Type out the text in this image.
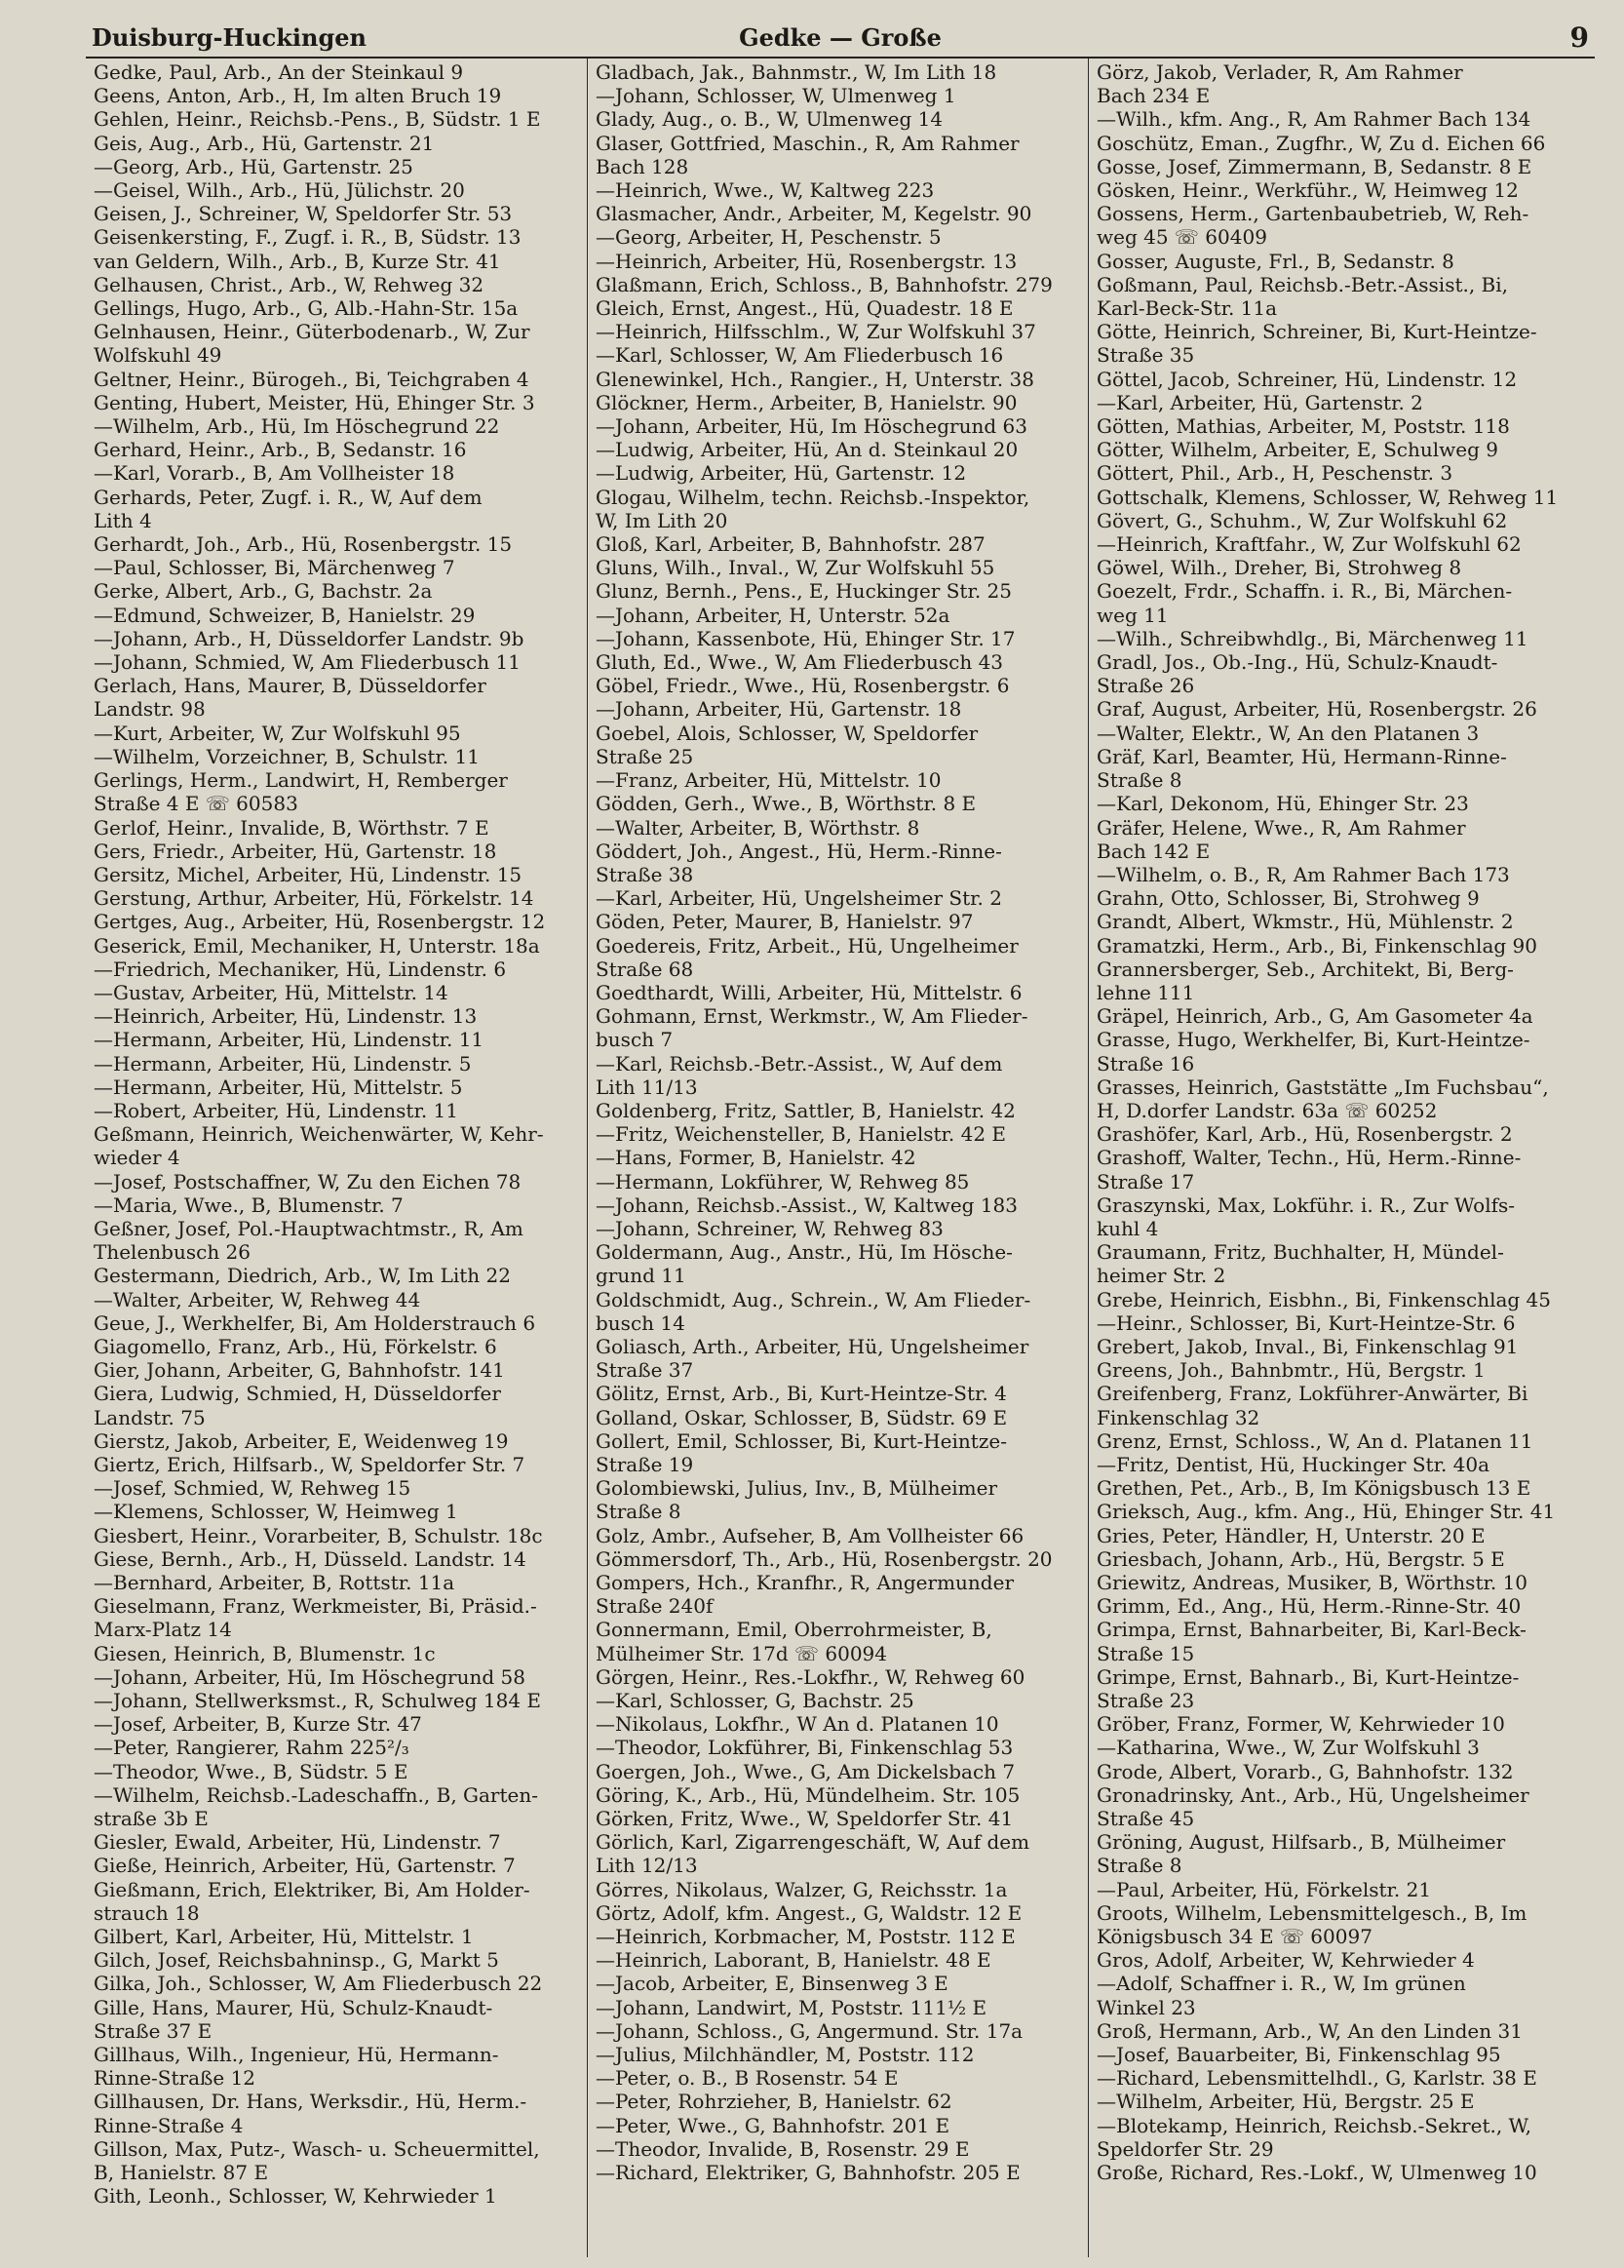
Duisburg-Huckingen	Gedke — Große	9
Gedke, Paul, Arb., An der Steinkaul 9
Geens, Anton, Arb., H, Im alten Bruch 19
Gehlen, Heinr., Reichsb.-Pens., B, Südstr. 1 E
Geis, Aug., Arb., Hü, Gartenstr. 21
—Georg, Arb., Hü, Gartenstr. 25
—Geisel, Wilh., Arb., Hü, Jülichstr. 20
Geisen, J., Schreiner, W, Speldorfer Str. 53
Geisenkersting, F., Zugf. i. R., B, Südstr. 13
van Geldern, Wilh., Arb., B, Kurze Str. 41
Gelhausen, Christ., Arb., W, Rehweg 32
Gellings, Hugo, Arb., G, Alb.-Hahn-Str. 15a
Gelnhausen, Heinr., Güterbodenarb., W, Zur
Wolfskuhl 49
Geltner, Heinr., Bürogeh., Bi, Teichgraben 4
Genting, Hubert, Meister, Hü, Ehinger Str. 3
—Wilhelm, Arb., Hü, Im Höschegrund 22
Gerhard, Heinr., Arb., B, Sedanstr. 16
—Karl, Vorarb., B, Am Vollheister 18
Gerhards, Peter, Zugf. i. R., W, Auf dem
Lith 4
Gerhardt, Joh., Arb., Hü, Rosenbergstr. 15
—Paul, Schlosser, Bi, Märchenweg 7
Gerke, Albert, Arb., G, Bachstr. 2a
—Edmund, Schweizer, B, Hanielstr. 29
—Johann, Arb., H, Düsseldorfer Landstr. 9b
—Johann, Schmied, W, Am Fliederbusch 11
Gerlach, Hans, Maurer, B, Düsseldorfer
Landstr. 98
—Kurt, Arbeiter, W, Zur Wolfskuhl 95
—Wilhelm, Vorzeichner, B, Schulstr. 11
Gerlings, Herm., Landwirt, H, Remberger
Straße 4 E ☏ 60583
Gerlof, Heinr., Invalide, B, Wörthstr. 7 E
Gers, Friedr., Arbeiter, Hü, Gartenstr. 18
Gersitz, Michel, Arbeiter, Hü, Lindenstr. 15
Gerstung, Arthur, Arbeiter, Hü, Förkelstr. 14
Gertges, Aug., Arbeiter, Hü, Rosenbergstr. 12
Geserick, Emil, Mechaniker, H, Unterstr. 18a
—Friedrich, Mechaniker, Hü, Lindenstr. 6
—Gustav, Arbeiter, Hü, Mittelstr. 14
—Heinrich, Arbeiter, Hü, Lindenstr. 13
—Hermann, Arbeiter, Hü, Lindenstr. 11
—Hermann, Arbeiter, Hü, Lindenstr. 5
—Hermann, Arbeiter, Hü, Mittelstr. 5
—Robert, Arbeiter, Hü, Lindenstr. 11
Geßmann, Heinrich, Weichenwärter, W, Kehr-
wieder 4
—Josef, Postschaffner, W, Zu den Eichen 78
—Maria, Wwe., B, Blumenstr. 7
Geßner, Josef, Pol.-Hauptwachtmstr., R, Am
Thelenbusch 26
Gestermann, Diedrich, Arb., W, Im Lith 22
—Walter, Arbeiter, W, Rehweg 44
Geue, J., Werkhelfer, Bi, Am Holderstrauch 6
Giagomello, Franz, Arb., Hü, Förkelstr. 6
Gier, Johann, Arbeiter, G, Bahnhofstr. 141
Giera, Ludwig, Schmied, H, Düsseldorfer
Landstr. 75
Gierstz, Jakob, Arbeiter, E, Weidenweg 19
Giertz, Erich, Hilfsarb., W, Speldorfer Str. 7
—Josef, Schmied, W, Rehweg 15
—Klemens, Schlosser, W, Heimweg 1
Giesbert, Heinr., Vorarbeiter, B, Schulstr. 18c
Giese, Bernh., Arb., H, Düsseld. Landstr. 14
—Bernhard, Arbeiter, B, Rottstr. 11a
Gieselmann, Franz, Werkmeister, Bi, Präsid.-
Marx-Platz 14
Giesen, Heinrich, B, Blumenstr. 1c
—Johann, Arbeiter, Hü, Im Höschegrund 58
—Johann, Stellwerksmst., R, Schulweg 184 E
—Josef, Arbeiter, B, Kurze Str. 47
—Peter, Rangierer, Rahm 225²/₃
—Theodor, Wwe., B, Südstr. 5 E
—Wilhelm, Reichsb.-Ladeschaffn., B, Garten-
straße 3b E
Giesler, Ewald, Arbeiter, Hü, Lindenstr. 7
Gieße, Heinrich, Arbeiter, Hü, Gartenstr. 7
Gießmann, Erich, Elektriker, Bi, Am Holder-
strauch 18
Gilbert, Karl, Arbeiter, Hü, Mittelstr. 1
Gilch, Josef, Reichsbahninsp., G, Markt 5
Gilka, Joh., Schlosser, W, Am Fliederbusch 22
Gille, Hans, Maurer, Hü, Schulz-Knaudt-
Straße 37 E
Gillhaus, Wilh., Ingenieur, Hü, Hermann-
Rinne-Straße 12
Gillhausen, Dr. Hans, Werksdir., Hü, Herm.-
Rinne-Straße 4
Gillson, Max, Putz-, Wasch- u. Scheuermittel,
B, Hanielstr. 87 E
Gith, Leonh., Schlosser, W, Kehrwieder 1
Gladbach, Jak., Bahnmstr., W, Im Lith 18
—Johann, Schlosser, W, Ulmenweg 1
Glady, Aug., o. B., W, Ulmenweg 14
Glaser, Gottfried, Maschin., R, Am Rahmer
Bach 128
—Heinrich, Wwe., W, Kaltweg 223
Glasmacher, Andr., Arbeiter, M, Kegelstr. 90
—Georg, Arbeiter, H, Peschenstr. 5
—Heinrich, Arbeiter, Hü, Rosenbergstr. 13
Glaßmann, Erich, Schloss., B, Bahnhofstr. 279
Gleich, Ernst, Angest., Hü, Quadestr. 18 E
—Heinrich, Hilfsschlm., W, Zur Wolfskuhl 37
—Karl, Schlosser, W, Am Fliederbusch 16
Glenewinkel, Hch., Rangier., H, Unterstr. 38
Glöckner, Herm., Arbeiter, B, Hanielstr. 90
—Johann, Arbeiter, Hü, Im Höschegrund 63
—Ludwig, Arbeiter, Hü, An d. Steinkaul 20
—Ludwig, Arbeiter, Hü, Gartenstr. 12
Glogau, Wilhelm, techn. Reichsb.-Inspektor,
W, Im Lith 20
Gloß, Karl, Arbeiter, B, Bahnhofstr. 287
Gluns, Wilh., Inval., W, Zur Wolfskuhl 55
Glunz, Bernh., Pens., E, Huckinger Str. 25
—Johann, Arbeiter, H, Unterstr. 52a
—Johann, Kassenbote, Hü, Ehinger Str. 17
Gluth, Ed., Wwe., W, Am Fliederbusch 43
Göbel, Friedr., Wwe., Hü, Rosenbergstr. 6
—Johann, Arbeiter, Hü, Gartenstr. 18
Goebel, Alois, Schlosser, W, Speldorfer
Straße 25
—Franz, Arbeiter, Hü, Mittelstr. 10
Gödden, Gerh., Wwe., B, Wörthstr. 8 E
—Walter, Arbeiter, B, Wörthstr. 8
Göddert, Joh., Angest., Hü, Herm.-Rinne-
Straße 38
—Karl, Arbeiter, Hü, Ungelsheimer Str. 2
Göden, Peter, Maurer, B, Hanielstr. 97
Goedereis, Fritz, Arbeit., Hü, Ungelheimer
Straße 68
Goedthardt, Willi, Arbeiter, Hü, Mittelstr. 6
Gohmann, Ernst, Werkmstr., W, Am Flieder-
busch 7
—Karl, Reichsb.-Betr.-Assist., W, Auf dem
Lith 11/13
Goldenberg, Fritz, Sattler, B, Hanielstr. 42
—Fritz, Weichensteller, B, Hanielstr. 42 E
—Hans, Former, B, Hanielstr. 42
—Hermann, Lokführer, W, Rehweg 85
—Johann, Reichsb.-Assist., W, Kaltweg 183
—Johann, Schreiner, W, Rehweg 83
Goldermann, Aug., Anstr., Hü, Im Hösche-
grund 11
Goldschmidt, Aug., Schrein., W, Am Flieder-
busch 14
Goliasch, Arth., Arbeiter, Hü, Ungelsheimer
Straße 37
Gölitz, Ernst, Arb., Bi, Kurt-Heintze-Str. 4
Golland, Oskar, Schlosser, B, Südstr. 69 E
Gollert, Emil, Schlosser, Bi, Kurt-Heintze-
Straße 19
Golombiewski, Julius, Inv., B, Mülheimer
Straße 8
Golz, Ambr., Aufseher, B, Am Vollheister 66
Gömmersdorf, Th., Arb., Hü, Rosenbergstr. 20
Gompers, Hch., Kranfhr., R, Angermunder
Straße 240f
Gonnermann, Emil, Oberrohrmeister, B,
Mülheimer Str. 17d ☏ 60094
Görgen, Heinr., Res.-Lokfhr., W, Rehweg 60
—Karl, Schlosser, G, Bachstr. 25
—Nikolaus, Lokfhr., W An d. Platanen 10
—Theodor, Lokführer, Bi, Finkenschlag 53
Goergen, Joh., Wwe., G, Am Dickelsbach 7
Göring, K., Arb., Hü, Mündelheim. Str. 105
Görken, Fritz, Wwe., W, Speldorfer Str. 41
Görlich, Karl, Zigarrengeschäft, W, Auf dem
Lith 12/13
Görres, Nikolaus, Walzer, G, Reichsstr. 1a
Görtz, Adolf, kfm. Angest., G, Waldstr. 12 E
—Heinrich, Korbmacher, M, Poststr. 112 E
—Heinrich, Laborant, B, Hanielstr. 48 E
—Jacob, Arbeiter, E, Binsenweg 3 E
—Johann, Landwirt, M, Poststr. 111½ E
—Johann, Schloss., G, Angermund. Str. 17a
—Julius, Milchhändler, M, Poststr. 112
—Peter, o. B., B Rosenstr. 54 E
—Peter, Rohrzieher, B, Hanielstr. 62
—Peter, Wwe., G, Bahnhofstr. 201 E
—Theodor, Invalide, B, Rosenstr. 29 E
—Richard, Elektriker, G, Bahnhofstr. 205 E
Görz, Jakob, Verlader, R, Am Rahmer
Bach 234 E
—Wilh., kfm. Ang., R, Am Rahmer Bach 134
Goschütz, Eman., Zugfhr., W, Zu d. Eichen 66
Gosse, Josef, Zimmermann, B, Sedanstr. 8 E
Gösken, Heinr., Werkführ., W, Heimweg 12
Gossens, Herm., Gartenbaubetrieb, W, Reh-
weg 45 ☏ 60409
Gosser, Auguste, Frl., B, Sedanstr. 8
Goßmann, Paul, Reichsb.-Betr.-Assist., Bi,
Karl-Beck-Str. 11a
Götte, Heinrich, Schreiner, Bi, Kurt-Heintze-
Straße 35
Göttel, Jacob, Schreiner, Hü, Lindenstr. 12
—Karl, Arbeiter, Hü, Gartenstr. 2
Götten, Mathias, Arbeiter, M, Poststr. 118
Götter, Wilhelm, Arbeiter, E, Schulweg 9
Göttert, Phil., Arb., H, Peschenstr. 3
Gottschalk, Klemens, Schlosser, W, Rehweg 11
Gövert, G., Schuhm., W, Zur Wolfskuhl 62
—Heinrich, Kraftfahr., W, Zur Wolfskuhl 62
Göwel, Wilh., Dreher, Bi, Strohweg 8
Goezelt, Frdr., Schaffn. i. R., Bi, Märchen-
weg 11
—Wilh., Schreibwhdlg., Bi, Märchenweg 11
Gradl, Jos., Ob.-Ing., Hü, Schulz-Knaudt-
Straße 26
Graf, August, Arbeiter, Hü, Rosenbergstr. 26
—Walter, Elektr., W, An den Platanen 3
Gräf, Karl, Beamter, Hü, Hermann-Rinne-
Straße 8
—Karl, Dekonom, Hü, Ehinger Str. 23
Gräfer, Helene, Wwe., R, Am Rahmer
Bach 142 E
—Wilhelm, o. B., R, Am Rahmer Bach 173
Grahn, Otto, Schlosser, Bi, Strohweg 9
Grandt, Albert, Wkmstr., Hü, Mühlenstr. 2
Gramatzki, Herm., Arb., Bi, Finkenschlag 90
Grannersberger, Seb., Architekt, Bi, Berg-
lehne 111
Gräpel, Heinrich, Arb., G, Am Gasometer 4a
Grasse, Hugo, Werkhelfer, Bi, Kurt-Heintze-
Straße 16
Grasses, Heinrich, Gaststätte „Im Fuchsbau“,
H, D.dorfer Landstr. 63a ☏ 60252
Grashöfer, Karl, Arb., Hü, Rosenbergstr. 2
Grashoff, Walter, Techn., Hü, Herm.-Rinne-
Straße 17
Graszynski, Max, Lokführ. i. R., Zur Wolfs-
kuhl 4
Graumann, Fritz, Buchhalter, H, Mündel-
heimer Str. 2
Grebe, Heinrich, Eisbhn., Bi, Finkenschlag 45
—Heinr., Schlosser, Bi, Kurt-Heintze-Str. 6
Grebert, Jakob, Inval., Bi, Finkenschlag 91
Greens, Joh., Bahnbmtr., Hü, Bergstr. 1
Greifenberg, Franz, Lokführer-Anwärter, Bi
Finkenschlag 32
Grenz, Ernst, Schloss., W, An d. Platanen 11
—Fritz, Dentist, Hü, Huckinger Str. 40a
Grethen, Pet., Arb., B, Im Königsbusch 13 E
Grieksch, Aug., kfm. Ang., Hü, Ehinger Str. 41
Gries, Peter, Händler, H, Unterstr. 20 E
Griesbach, Johann, Arb., Hü, Bergstr. 5 E
Griewitz, Andreas, Musiker, B, Wörthstr. 10
Grimm, Ed., Ang., Hü, Herm.-Rinne-Str. 40
Grimpa, Ernst, Bahnarbeiter, Bi, Karl-Beck-
Straße 15
Grimpe, Ernst, Bahnarb., Bi, Kurt-Heintze-
Straße 23
Gröber, Franz, Former, W, Kehrwieder 10
—Katharina, Wwe., W, Zur Wolfskuhl 3
Grode, Albert, Vorarb., G, Bahnhofstr. 132
Gronadrinsky, Ant., Arb., Hü, Ungelsheimer
Straße 45
Gröning, August, Hilfsarb., B, Mülheimer
Straße 8
—Paul, Arbeiter, Hü, Förkelstr. 21
Groots, Wilhelm, Lebensmittelgesch., B, Im
Königsbusch 34 E ☏ 60097
Gros, Adolf, Arbeiter, W, Kehrwieder 4
—Adolf, Schaffner i. R., W, Im grünen
Winkel 23
Groß, Hermann, Arb., W, An den Linden 31
—Josef, Bauarbeiter, Bi, Finkenschlag 95
—Richard, Lebensmittelhdl., G, Karlstr. 38 E
—Wilhelm, Arbeiter, Hü, Bergstr. 25 E
—Blotekamp, Heinrich, Reichsb.-Sekret., W,
Speldorfer Str. 29
Große, Richard, Res.-Lokf., W, Ulmenweg 10
